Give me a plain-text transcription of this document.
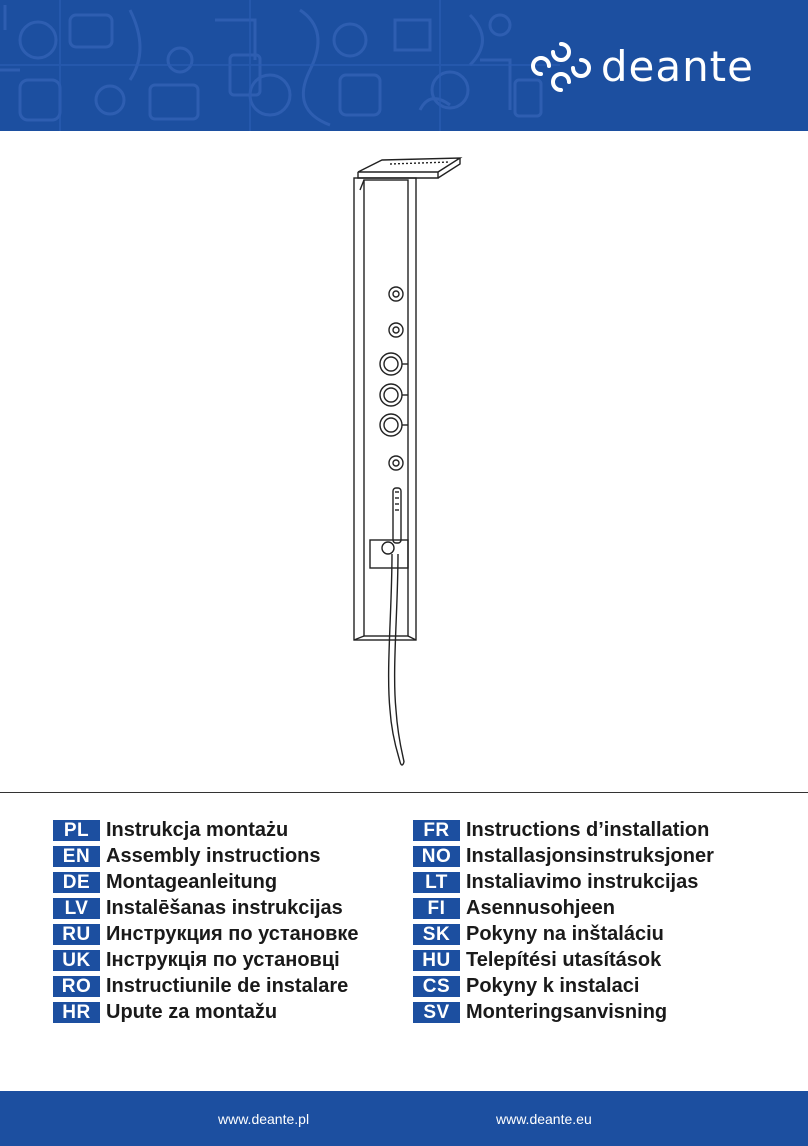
deante
PL Instrukcja montażu
EN Assembly instructions
DE Montageanleitung
LV Instalēšanas instrukcijas
RU Инструкция по установке
UK Інструкція по установці
RO Instructiunile de instalare
HR Upute za montažu
FR Instructions d’installation
NO Installasjonsinstruksjoner
LT Instaliavimo instrukcijas
FI	Asennusohjeen
SK Pokyny na inštaláciu
HU Telepítési utasítások
CS Pokyny k instalaci
SV Monteringsanvisning
www.deante.pl	www.deante.eu
